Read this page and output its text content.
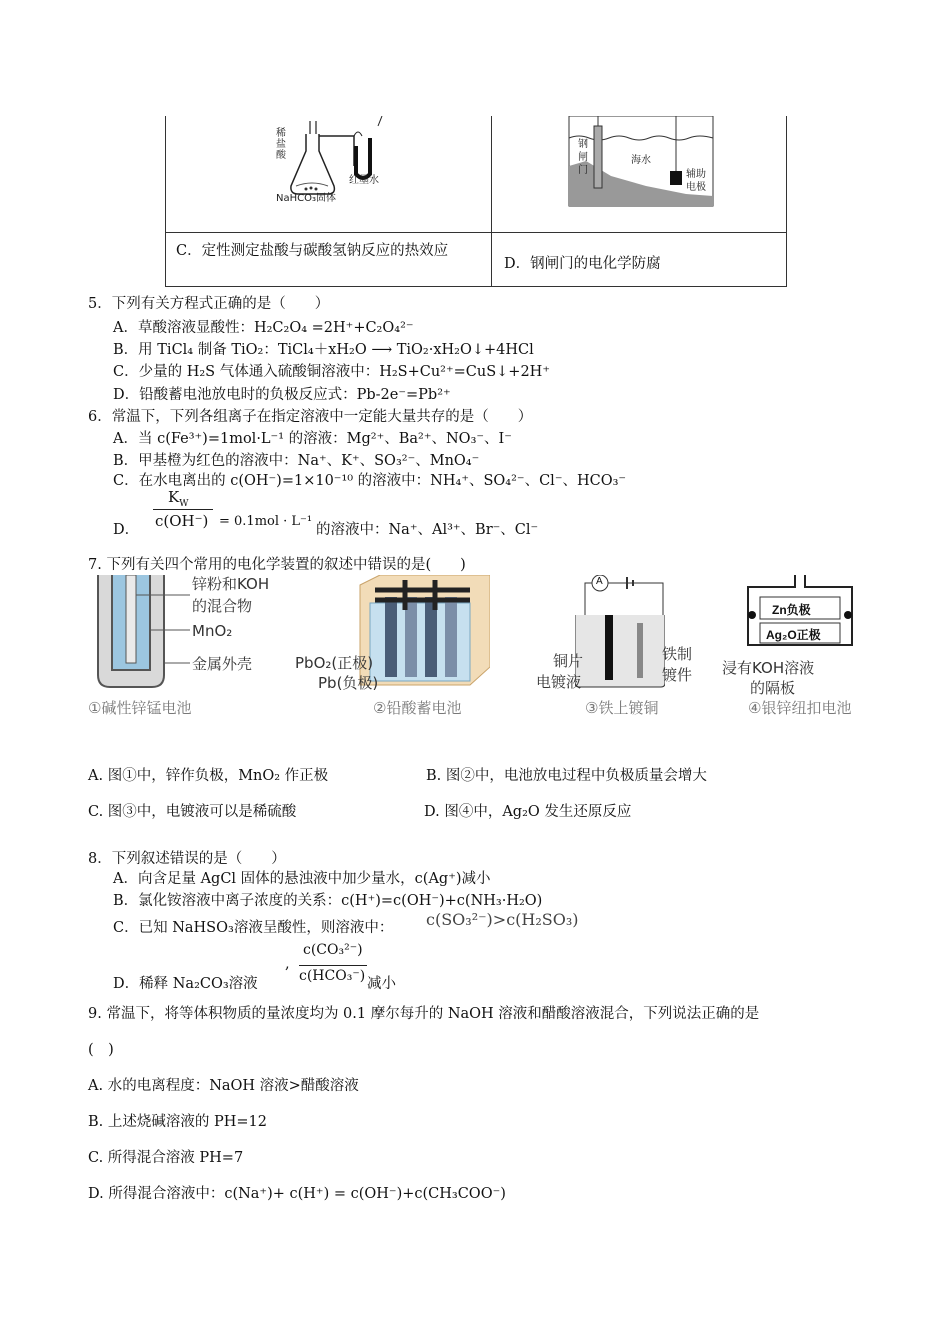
稀盐酸
NaHCO₃固体
红墨水
钢闸门
海水
辅助电极
C．定性测定盐酸与碳酸氢钠反应的热效应
D．钢闸门的电化学防腐
5．下列有关方程式正确的是（　　）
A．草酸溶液显酸性：H₂C₂O₄ =2H⁺+C₂O₄²⁻
B．用 TiCl₄ 制备 TiO₂：TiCl₄＋xH₂O ⟶ TiO₂·xH₂O↓+4HCl
C．少量的 H₂S 气体通入硫酸铜溶液中：H₂S+Cu²⁺=CuS↓+2H⁺
D．铅酸蓄电池放电时的负极反应式：Pb-2e⁻=Pb²⁺
6．常温下，下列各组离子在指定溶液中一定能大量共存的是（　　）
A．当 c(Fe³⁺)=1mol·L⁻¹ 的溶液：Mg²⁺、Ba²⁺、NO₃⁻、I⁻
B．甲基橙为红色的溶液中：Na⁺、K⁺、SO₃²⁻、MnO₄⁻
C．在水电离出的 c(OH⁻)=1×10⁻¹⁰ 的溶液中：NH₄⁺、SO₄²⁻、Cl⁻、HCO₃⁻
D．
$K_W$
c(OH⁻) = 0.1mol · L⁻¹
的溶液中：Na⁺、Al³⁺、Br⁻、Cl⁻
7. 下列有关四个常用的电化学装置的叙述中错误的是(　　)
锌粉和KOH
的混合物
MnO₂
金属外壳
①碱性锌锰电池
PbO₂(正极)
Pb(负极)
②铅酸蓄电池
A
铜片
电镀液
铁制
镀件
③铁上镀铜
Zn负极
Ag₂O正极
浸有KOH溶液
的隔板
④银锌纽扣电池
A. 图①中，锌作负极，MnO₂ 作正极	B. 图②中，电池放电过程中负极质量会增大
C. 图③中，电镀液可以是稀硫酸	D. 图④中，Ag₂O 发生还原反应
8．下列叙述错误的是（　　）
A．向含足量 AgCl 固体的悬浊液中加少量水，c(Ag⁺)减小
B．氯化铵溶液中离子浓度的关系：c(H⁺)=c(OH⁻)+c(NH₃·H₂O)
C．已知 NaHSO₃溶液呈酸性，则溶液中： c(SO₃²⁻)>c(H₂SO₃)
D．稀释 Na₂CO₃溶液
,
c(CO₃²⁻)
c(HCO₃⁻) 减小
9. 常温下，将等体积物质的量浓度均为 0.1 摩尔每升的 NaOH 溶液和醋酸溶液混合，下列说法正确的是
(　)
A. 水的电离程度：NaOH 溶液>醋酸溶液
B. 上述烧碱溶液的 PH=12
C. 所得混合溶液 PH=7
D. 所得混合溶液中：c(Na⁺)+ c(H⁺) = c(OH⁻)+c(CH₃COO⁻)
